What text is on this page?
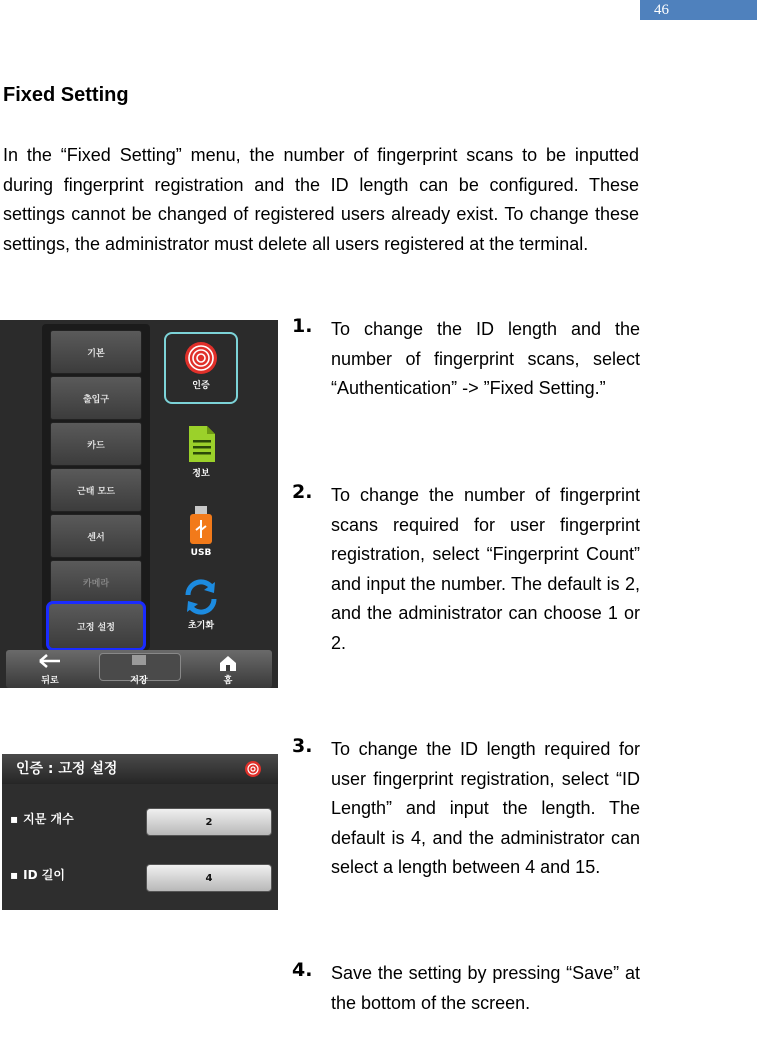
46
Fixed Setting

In the “Fixed Setting” menu, the number of fingerprint scans to be inputted during fingerprint registration and the ID length can be configured. These settings cannot be changed of registered users already exist. To change these settings, the administrator must delete all users registered at the terminal.

기본
출입구
카드
근태 모드
센서
카메라
고정 설정
인증
정보
USB
초기화
뒤로	저장	홈
인증 : 고정 설정
▪ 지문 개수	2
▪ ID 길이	4
1. To change the ID length and the number of fingerprint scans, select “Authentication” -> ”Fixed Setting.”

2. To change the number of fingerprint scans required for user fingerprint registration, select “Fingerprint Count” and input the number. The default is 2, and the administrator can choose 1 or 2.

3. To change the ID length required for user fingerprint registration, select “ID Length” and input the length. The default is 4, and the administrator can select a length between 4 and 15.

4. Save the setting by pressing “Save” at the bottom of the screen.
